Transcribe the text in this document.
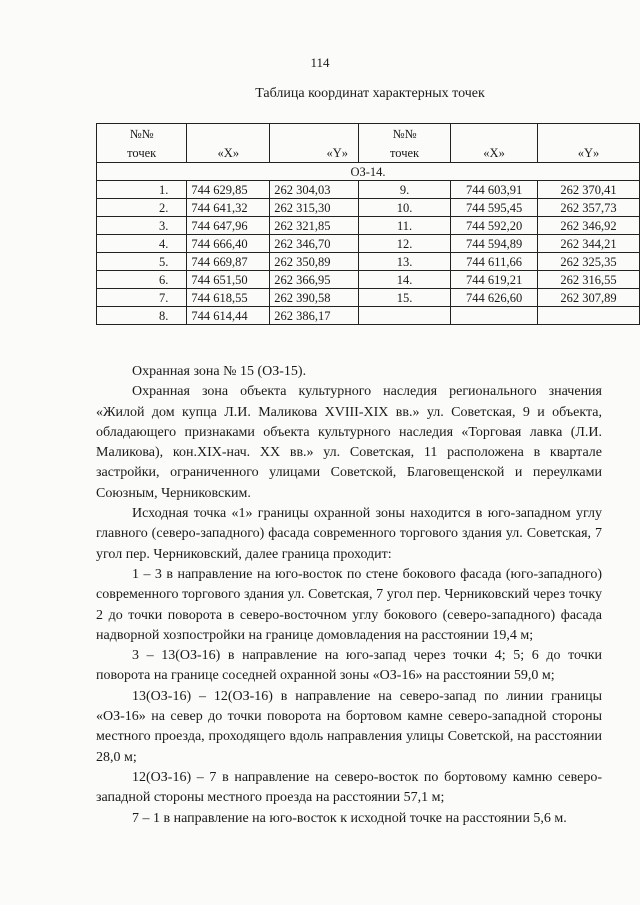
114
Таблица координат характерных точек
№№			№№		
точек	«X»	«Y»	точек	«X»	«Y»
ОЗ-14.					
1.	744 629,85	262 304,03	9.	744 603,91	262 370,41
2.	744 641,32	262 315,30	10.	744 595,45	262 357,73
3.	744 647,96	262 321,85	11.	744 592,20	262 346,92
4.	744 666,40	262 346,70	12.	744 594,89	262 344,21
5.	744 669,87	262 350,89	13.	744 611,66	262 325,35
6.	744 651,50	262 366,95	14.	744 619,21	262 316,55
7.	744 618,55	262 390,58	15.	744 626,60	262 307,89
8.	744 614,44	262 386,17			

Охранная зона № 15 (ОЗ-15).

Охранная зона объекта культурного наследия регионального значения «Жилой дом купца Л.И. Маликова XVIII-XIX вв.» ул. Советская, 9 и объекта, обладающего признаками объекта культурного наследия «Торговая лавка (Л.И. Маликова), кон.XIX-нач. XX вв.» ул. Советская, 11 расположена в квартале застройки, ограниченного улицами Советской, Благовещенской и переулками Союзным, Черниковским.

Исходная точка «1» границы охранной зоны находится в юго-западном углу главного (северо-западного) фасада современного торгового здания ул. Советская, 7 угол пер. Черниковский, далее граница проходит:

1 – 3 в направление на юго-восток по стене бокового фасада (юго-западного) современного торгового здания ул. Советская, 7 угол пер. Черниковский через точку 2 до точки поворота в северо-восточном углу бокового (северо-западного) фасада надворной хозпостройки на границе домовладения на расстоянии 19,4 м;

3 – 13(ОЗ-16) в направление на юго-запад через точки 4; 5; 6 до точки поворота на границе соседней охранной зоны «ОЗ-16» на расстоянии 59,0 м;

13(ОЗ-16) – 12(ОЗ-16) в направление на северо-запад по линии границы «ОЗ-16» на север до точки поворота на бортовом камне северо-западной стороны местного проезда, проходящего вдоль направления улицы Советской, на расстоянии 28,0 м;

12(ОЗ-16) – 7 в направление на северо-восток по бортовому камню северо-западной стороны местного проезда на расстоянии 57,1 м;

7 – 1 в направление на юго-восток к исходной точке на расстоянии 5,6 м.
